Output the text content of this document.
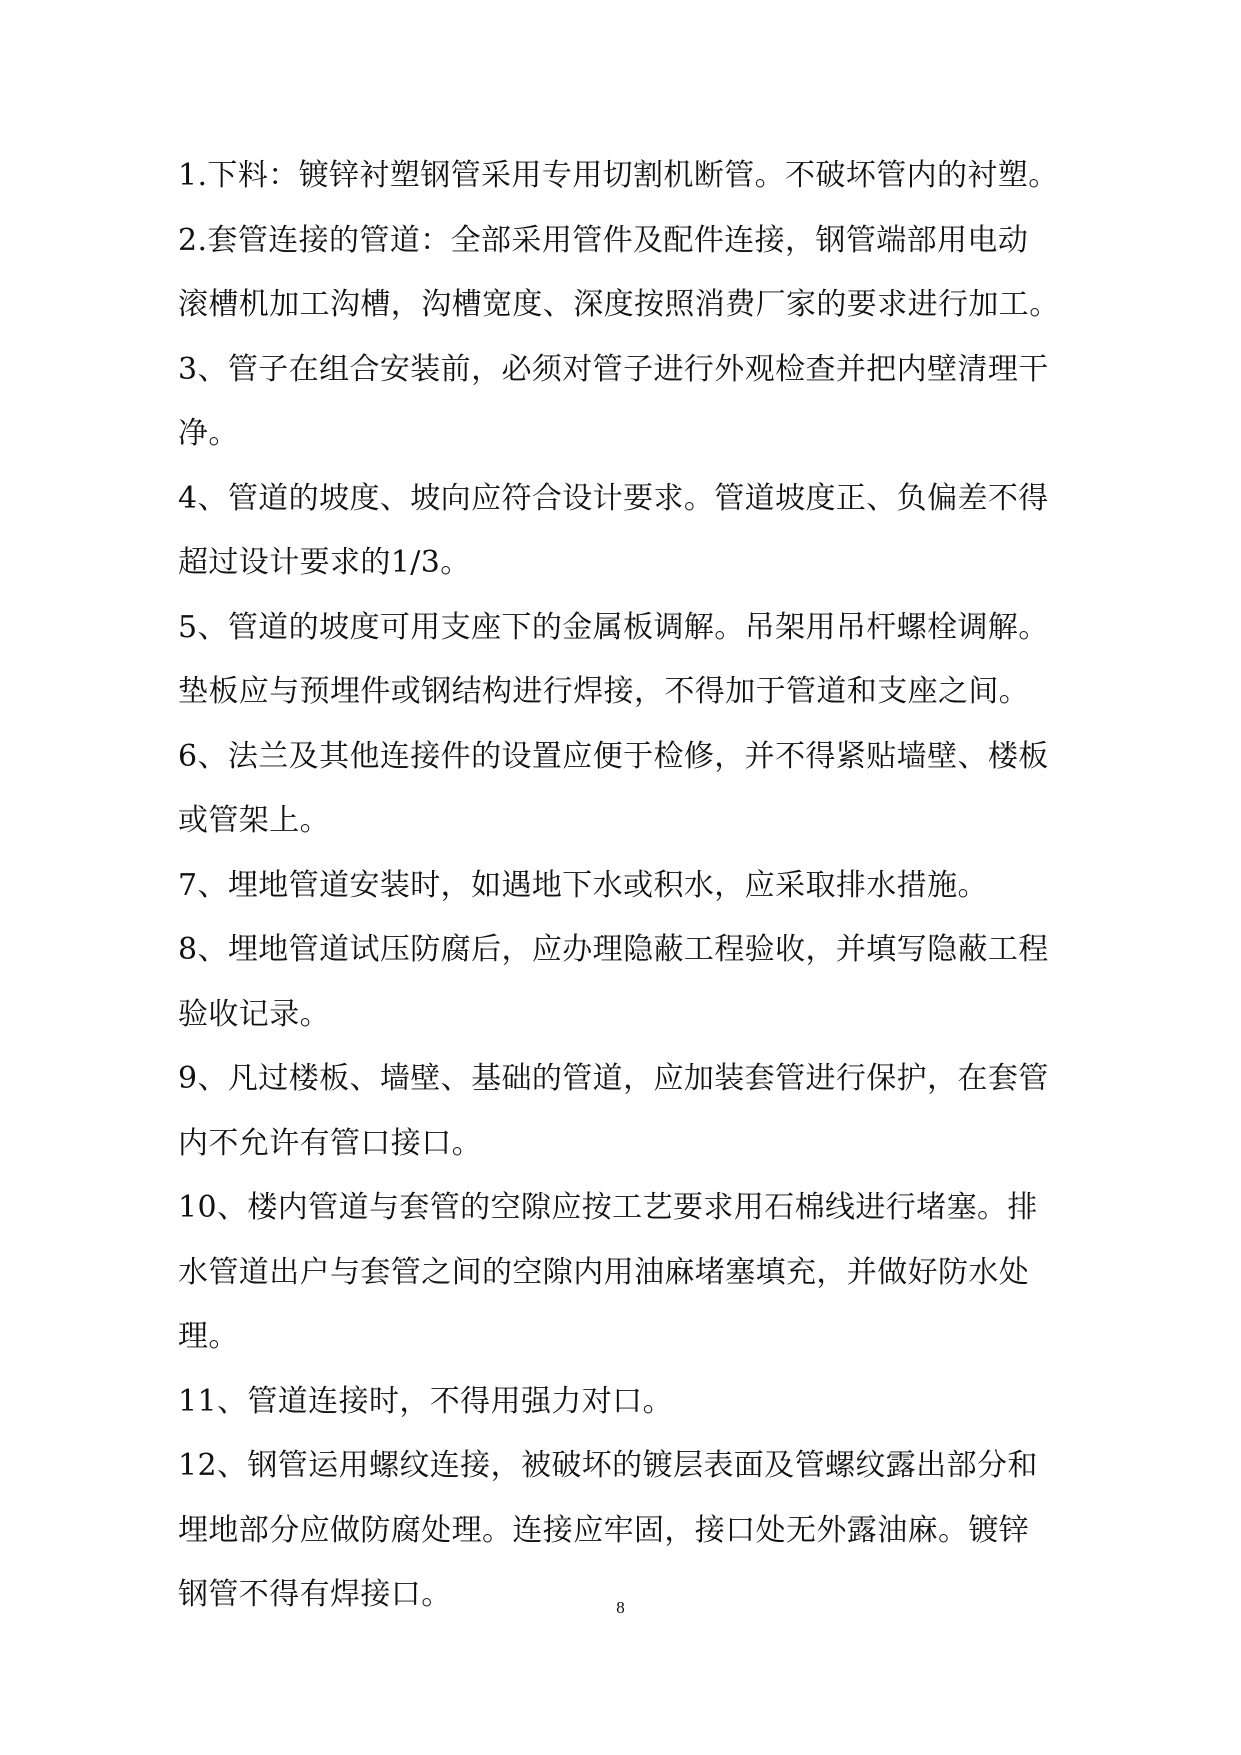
1.下料：镀锌衬塑钢管采用专用切割机断管。不破坏管内的衬塑。
2.套管连接的管道：全部采用管件及配件连接，钢管端部用电动
滚槽机加工沟槽，沟槽宽度、深度按照消费厂家的要求进行加工。
3、管子在组合安装前，必须对管子进行外观检查并把内壁清理干
净。
4、管道的坡度、坡向应符合设计要求。管道坡度正、负偏差不得
超过设计要求的1/3。
5、管道的坡度可用支座下的金属板调解。吊架用吊杆螺栓调解。
垫板应与预埋件或钢结构进行焊接，不得加于管道和支座之间。
6、法兰及其他连接件的设置应便于检修，并不得紧贴墙壁、楼板
或管架上。
7、埋地管道安装时，如遇地下水或积水，应采取排水措施。
8、埋地管道试压防腐后，应办理隐蔽工程验收，并填写隐蔽工程
验收记录。
9、凡过楼板、墙壁、基础的管道，应加装套管进行保护，在套管
内不允许有管口接口。
10、楼内管道与套管的空隙应按工艺要求用石棉线进行堵塞。排
水管道出户与套管之间的空隙内用油麻堵塞填充，并做好防水处
理。
11、管道连接时，不得用强力对口。
12、钢管运用螺纹连接，被破坏的镀层表面及管螺纹露出部分和
埋地部分应做防腐处理。连接应牢固，接口处无外露油麻。镀锌
钢管不得有焊接口。	8
